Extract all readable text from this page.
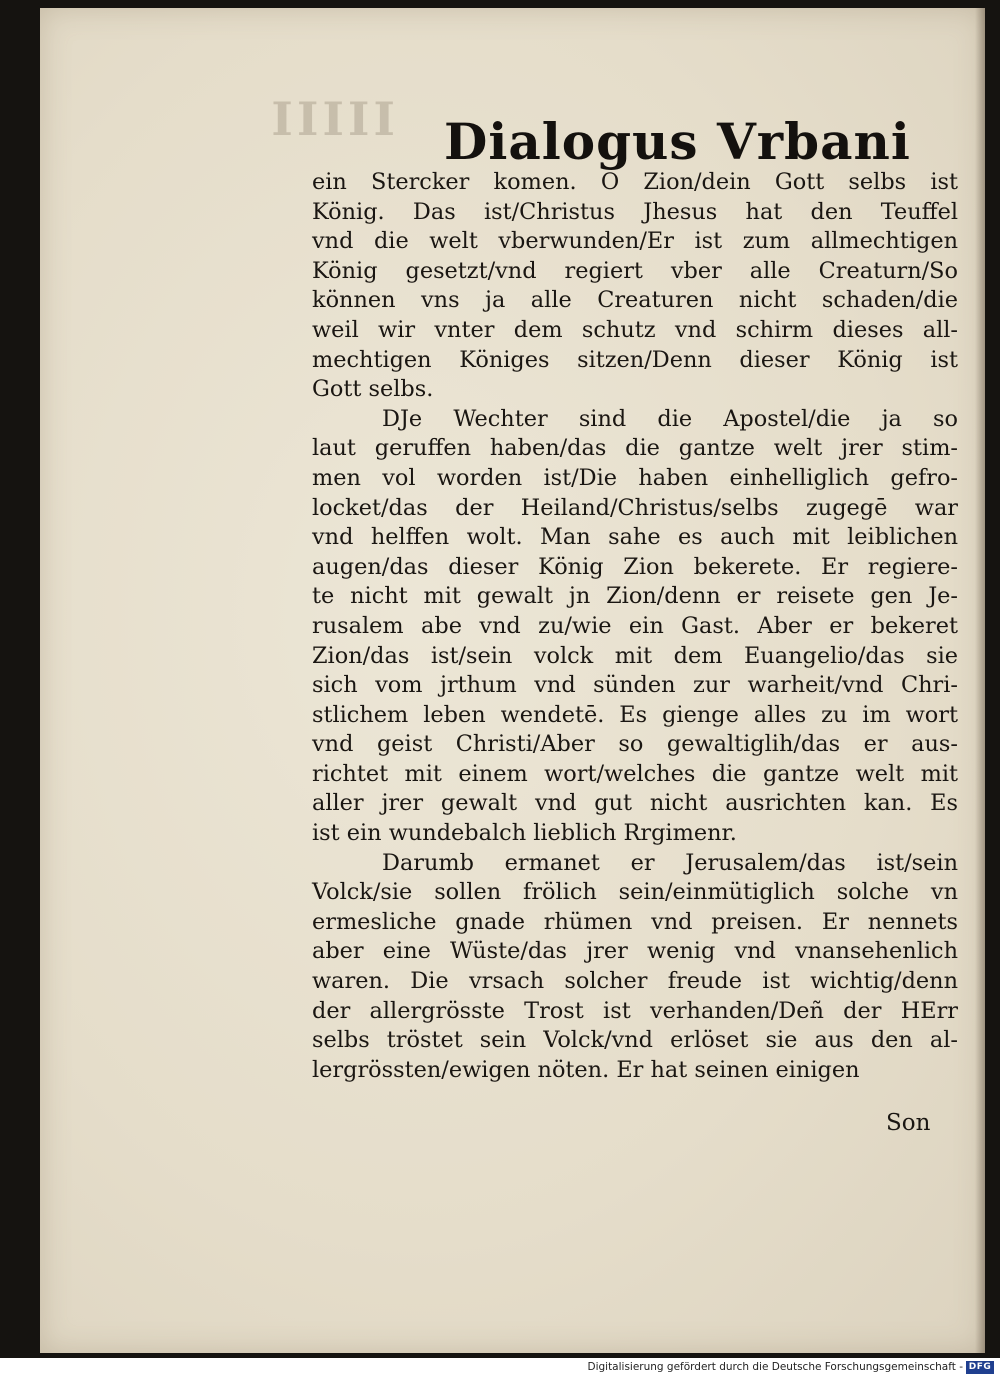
IIIII Dialogus Vrbani
ein Stercker komen. O Zion/dein Gott selbs ist
König. Das ist/Christus Jhesus hat den Teuffel
vnd die welt vberwunden/Er ist zum allmechtigen
König gesetzt/vnd regiert vber alle Creaturn/So
können vns ja alle Creaturen nicht schaden/die
weil wir vnter dem schutz vnd schirm dieses all-
mechtigen Königes sitzen/Denn dieser König ist
Gott selbs.
DJe Wechter sind die Apostel/die ja so
laut geruffen haben/das die gantze welt jrer stim-
men vol worden ist/Die haben einhelliglich gefro-
locket/das der Heiland/Christus/selbs zugegē war
vnd helffen wolt. Man sahe es auch mit leiblichen
augen/das dieser König Zion bekerete. Er regiere-
te nicht mit gewalt jn Zion/denn er reisete gen Je-
rusalem abe vnd zu/wie ein Gast. Aber er bekeret
Zion/das ist/sein volck mit dem Euangelio/das sie
sich vom jrthum vnd sünden zur warheit/vnd Chri-
stlichem leben wendetē. Es gienge alles zu im wort
vnd geist Christi/Aber so gewaltiglih/das er aus-
richtet mit einem wort/welches die gantze welt mit
aller jrer gewalt vnd gut nicht ausrichten kan. Es
ist ein wundebalch lieblich Rrgimenr.
Darumb ermanet er Jerusalem/das ist/sein
Volck/sie sollen frölich sein/einmütiglich solche vn
ermesliche gnade rhümen vnd preisen. Er nennets
aber eine Wüste/das jrer wenig vnd vnansehenlich
waren. Die vrsach solcher freude ist wichtig/denn
der allergrösste Trost ist verhanden/Deñ der HErr
selbs tröstet sein Volck/vnd erlöset sie aus den al-
lergrössten/ewigen nöten. Er hat seinen einigen

Son

Digitalisierung gefördert durch die Deutsche Forschungsgemeinschaft - DFG
